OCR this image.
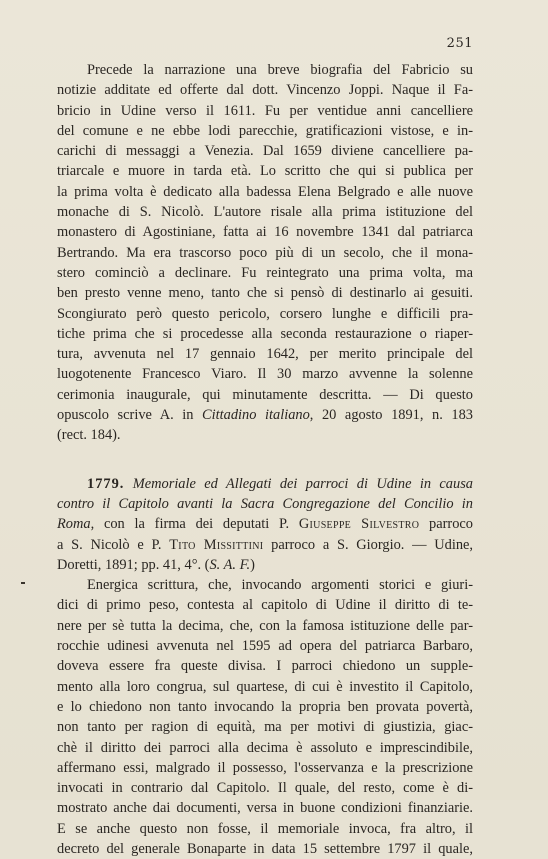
251
Precede la narrazione una breve biografia del Fabricio su
notizie additate ed offerte dal dott. Vincenzo Joppi. Naque il Fa-
bricio in Udine verso il 1611. Fu per ventidue anni cancelliere
del comune e ne ebbe lodi parecchie, gratificazioni vistose, e in-
carichi di messaggi a Venezia. Dal 1659 diviene cancelliere pa-
triarcale e muore in tarda età. Lo scritto che qui si publica per
la prima volta è dedicato alla badessa Elena Belgrado e alle nuove
monache di S. Nicolò. L'autore risale alla prima istituzione del
monastero di Agostiniane, fatta ai 16 novembre 1341 dal patriarca
Bertrando. Ma era trascorso poco più di un secolo, che il mona-
stero cominciò a declinare. Fu reintegrato una prima volta, ma
ben presto venne meno, tanto che si pensò di destinarlo ai gesuiti.
Scongiurato però questo pericolo, corsero lunghe e difficili pra-
tiche prima che si procedesse alla seconda restaurazione o riaper-
tura, avvenuta nel 17 gennaio 1642, per merito principale del
luogotenente Francesco Viaro. Il 30 marzo avvenne la solenne
cerimonia inaugurale, qui minutamente descritta. — Di questo
opuscolo scrive A. in Cittadino italiano, 20 agosto 1891, n. 183
(rect. 184).
1779. Memoriale ed Allegati dei parroci di Udine in causa
contro il Capitolo avanti la Sacra Congregazione del Concilio in
Roma, con la firma dei deputati P. Giuseppe Silvestro parroco
a S. Nicolò e P. Tito Missittini parroco a S. Giorgio. — Udine,
Doretti, 1891; pp. 41, 4°. (S. A. F.)
Energica scrittura, che, invocando argomenti storici e giuri-
dici di primo peso, contesta al capitolo di Udine il diritto di te-
nere per sè tutta la decima, che, con la famosa istituzione delle par-
rocchie udinesi avvenuta nel 1595 ad opera del patriarca Barbaro,
doveva essere fra queste divisa. I parroci chiedono un supple-
mento alla loro congrua, sul quartese, di cui è investito il Capitolo,
e lo chiedono non tanto invocando la propria ben provata povertà,
non tanto per ragion di equità, ma per motivi di giustizia, giac-
chè il diritto dei parroci alla decima è assoluto e imprescindibile,
affermano essi, malgrado il possesso, l'osservanza e la prescrizione
invocati in contrario dal Capitolo. Il quale, del resto, come è di-
mostrato anche dai documenti, versa in buone condizioni finanziarie.
E se anche questo non fosse, il memoriale invoca, fra altro, il
decreto del generale Bonaparte in data 15 settembre 1797 il quale,
